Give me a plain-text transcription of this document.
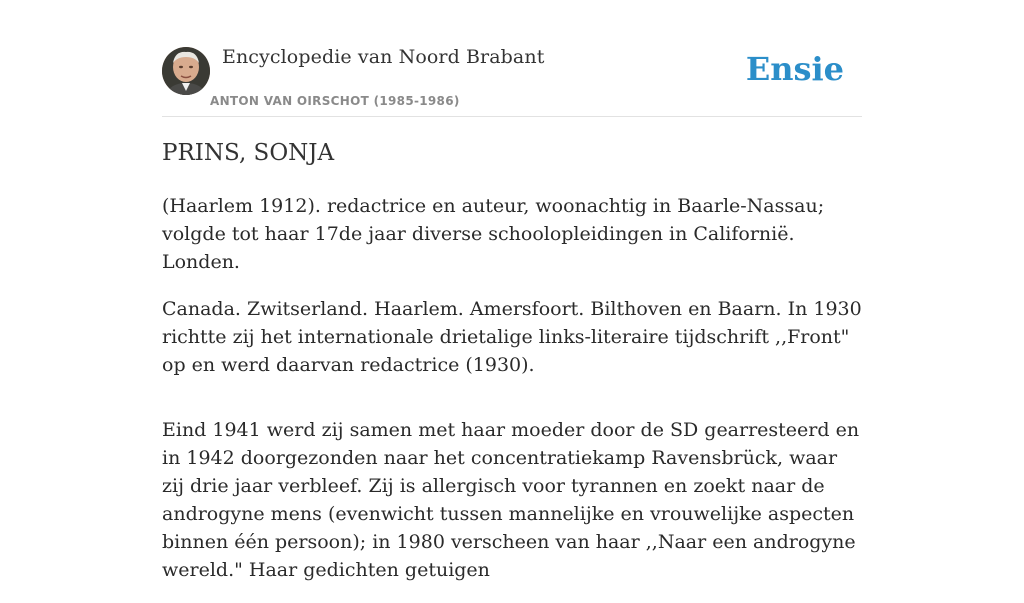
Encyclopedie van Noord Brabant
ANTON VAN OIRSCHOT (1985-1986)
Ensie
PRINS, SONJA

(Haarlem 1912). redactrice en auteur, woonachtig in Baarle-Nassau; volgde tot haar 17de jaar diverse schoolopleidingen in Californië. Londen.

Canada. Zwitserland. Haarlem. Amersfoort. Bilthoven en Baarn. In 1930 richtte zij het internationale drietalige links-literaire tijdschrift ,,Front" op en werd daarvan redactrice (1930).

Eind 1941 werd zij samen met haar moeder door de SD gearresteerd en in 1942 doorgezonden naar het concentratiekamp Ravensbrück, waar zij drie jaar verbleef. Zij is allergisch voor tyrannen en zoekt naar de androgyne mens (evenwicht tussen mannelijke en vrouwelijke aspecten binnen één persoon); in 1980 verscheen van haar ,,Naar een androgyne wereld." Haar gedichten getuigen
